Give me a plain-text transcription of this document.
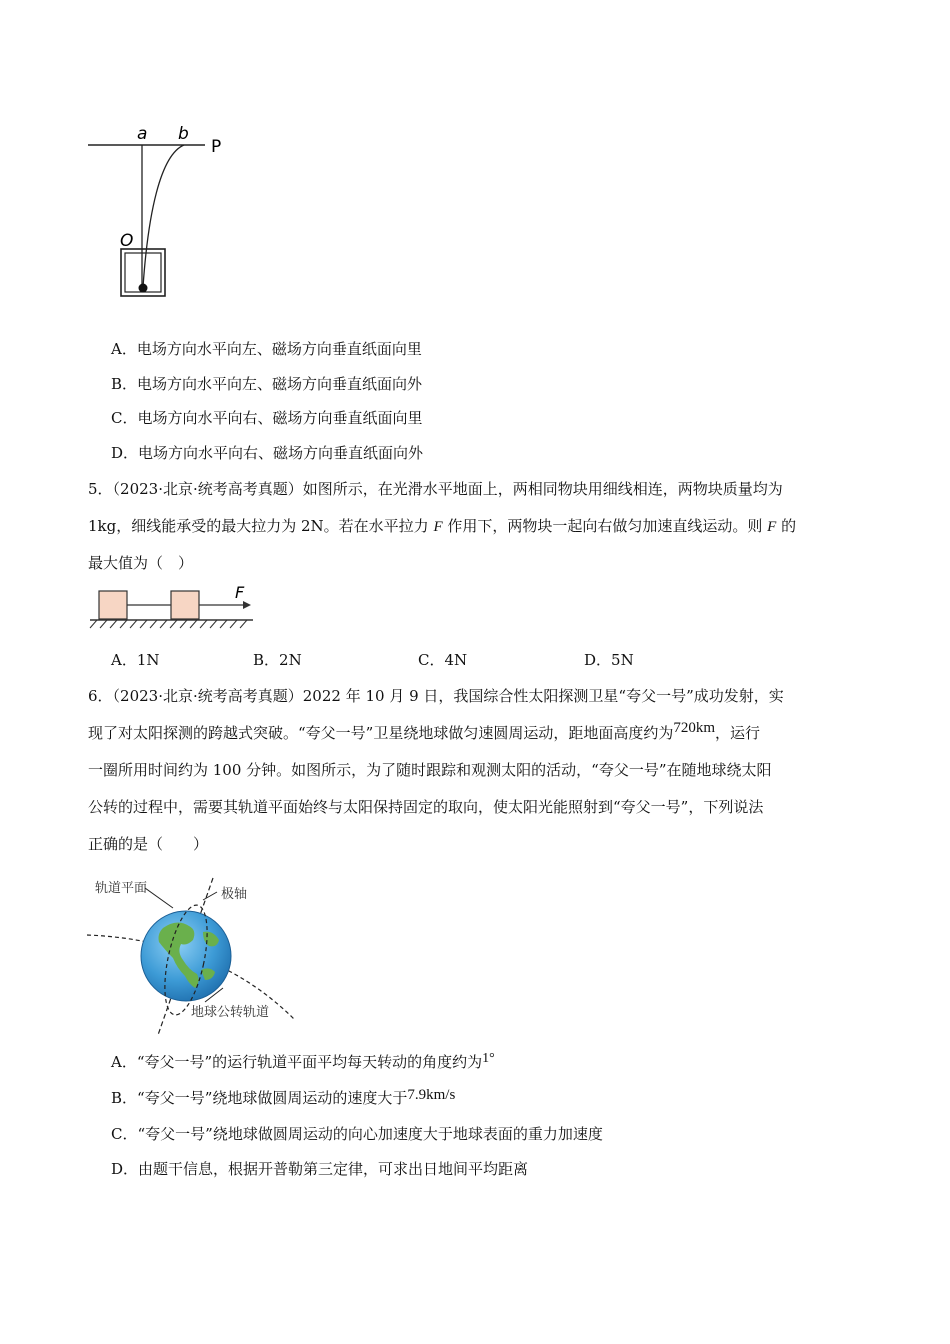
a b
P
O
A．电场方向水平向左、磁场方向垂直纸面向里
B．电场方向水平向左、磁场方向垂直纸面向外
C．电场方向水平向右、磁场方向垂直纸面向里
D．电场方向水平向右、磁场方向垂直纸面向外
5．（2023·北京·统考高考真题）如图所示，在光滑水平地面上，两相同物块用细线相连，两物块质量均为
1kg，细线能承受的最大拉力为 2N。若在水平拉力 F 作用下，两物块一起向右做匀加速直线运动。则 F 的
最大值为（　）
F
A．1N	B．2N	C．4N	D．5N
6．（2023·北京·统考高考真题）2022 年 10 月 9 日，我国综合性太阳探测卫星“夸父一号”成功发射，实
现了对太阳探测的跨越式突破。“夸父一号”卫星绕地球做匀速圆周运动，距地面高度约为720km，运行
一圈所用时间约为 100 分钟。如图所示，为了随时跟踪和观测太阳的活动，“夸父一号”在随地球绕太阳
公转的过程中，需要其轨道平面始终与太阳保持固定的取向，使太阳光能照射到“夸父一号”，下列说法
正确的是（　　）
轨道平面	极轴
地球公转轨道
A．“夸父一号”的运行轨道平面平均每天转动的角度约为1°
B．“夸父一号”绕地球做圆周运动的速度大于7.9km/s
C．“夸父一号”绕地球做圆周运动的向心加速度大于地球表面的重力加速度
D．由题干信息，根据开普勒第三定律，可求出日地间平均距离
